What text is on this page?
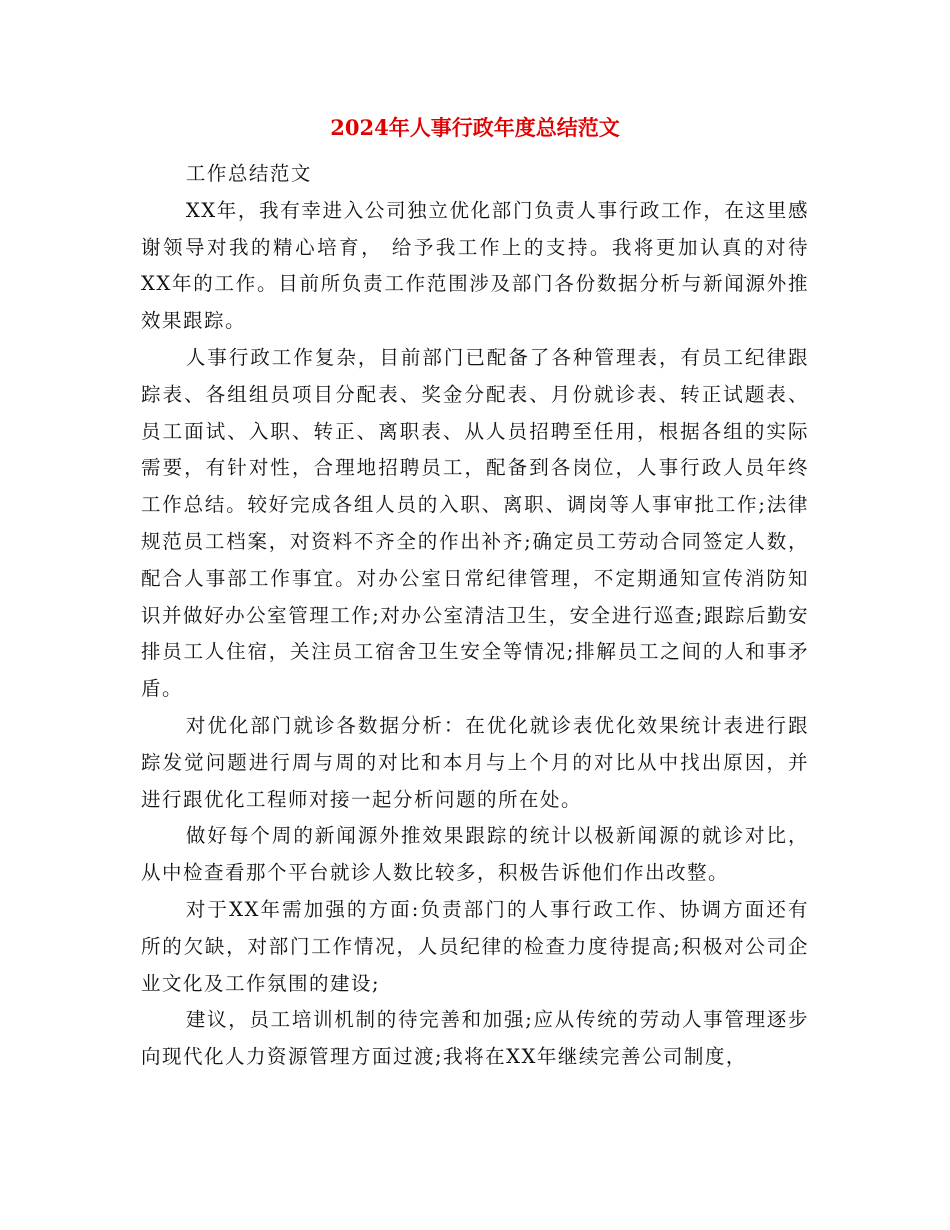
2024年人事行政年度总结范文

工作总结范文

XX年，我有幸进入公司独立优化部门负责人事行政工作，在这里感谢领导对我的精心培育， 给予我工作上的支持。我将更加认真的对待XX年的工作。目前所负责工作范围涉及部门各份数据分析与新闻源外推效果跟踪。

人事行政工作复杂，目前部门已配备了各种管理表，有员工纪律跟踪表、各组组员项目分配表、奖金分配表、月份就诊表、转正试题表、员工面试、入职、转正、离职表、从人员招聘至任用，根据各组的实际需要，有针对性，合理地招聘员工，配备到各岗位，人事行政人员年终工作总结。较好完成各组人员的入职、离职、调岗等人事审批工作;法律规范员工档案，对资料不齐全的作出补齐;确定员工劳动合同签定人数，配合人事部工作事宜。对办公室日常纪律管理，不定期通知宣传消防知识并做好办公室管理工作;对办公室清洁卫生，安全进行巡查;跟踪后勤安排员工人住宿，关注员工宿舍卫生安全等情况;排解员工之间的人和事矛盾。

对优化部门就诊各数据分析：在优化就诊表优化效果统计表进行跟踪发觉问题进行周与周的对比和本月与上个月的对比从中找出原因，并进行跟优化工程师对接一起分析问题的所在处。

做好每个周的新闻源外推效果跟踪的统计以极新闻源的就诊对比，从中检查看那个平台就诊人数比较多，积极告诉他们作出改整。

对于XX年需加强的方面:负责部门的人事行政工作、协调方面还有所的欠缺，对部门工作情况，人员纪律的检查力度待提高;积极对公司企业文化及工作氛围的建设;

建议，员工培训机制的待完善和加强;应从传统的劳动人事管理逐步向现代化人力资源管理方面过渡;我将在XX年继续完善公司制度，
